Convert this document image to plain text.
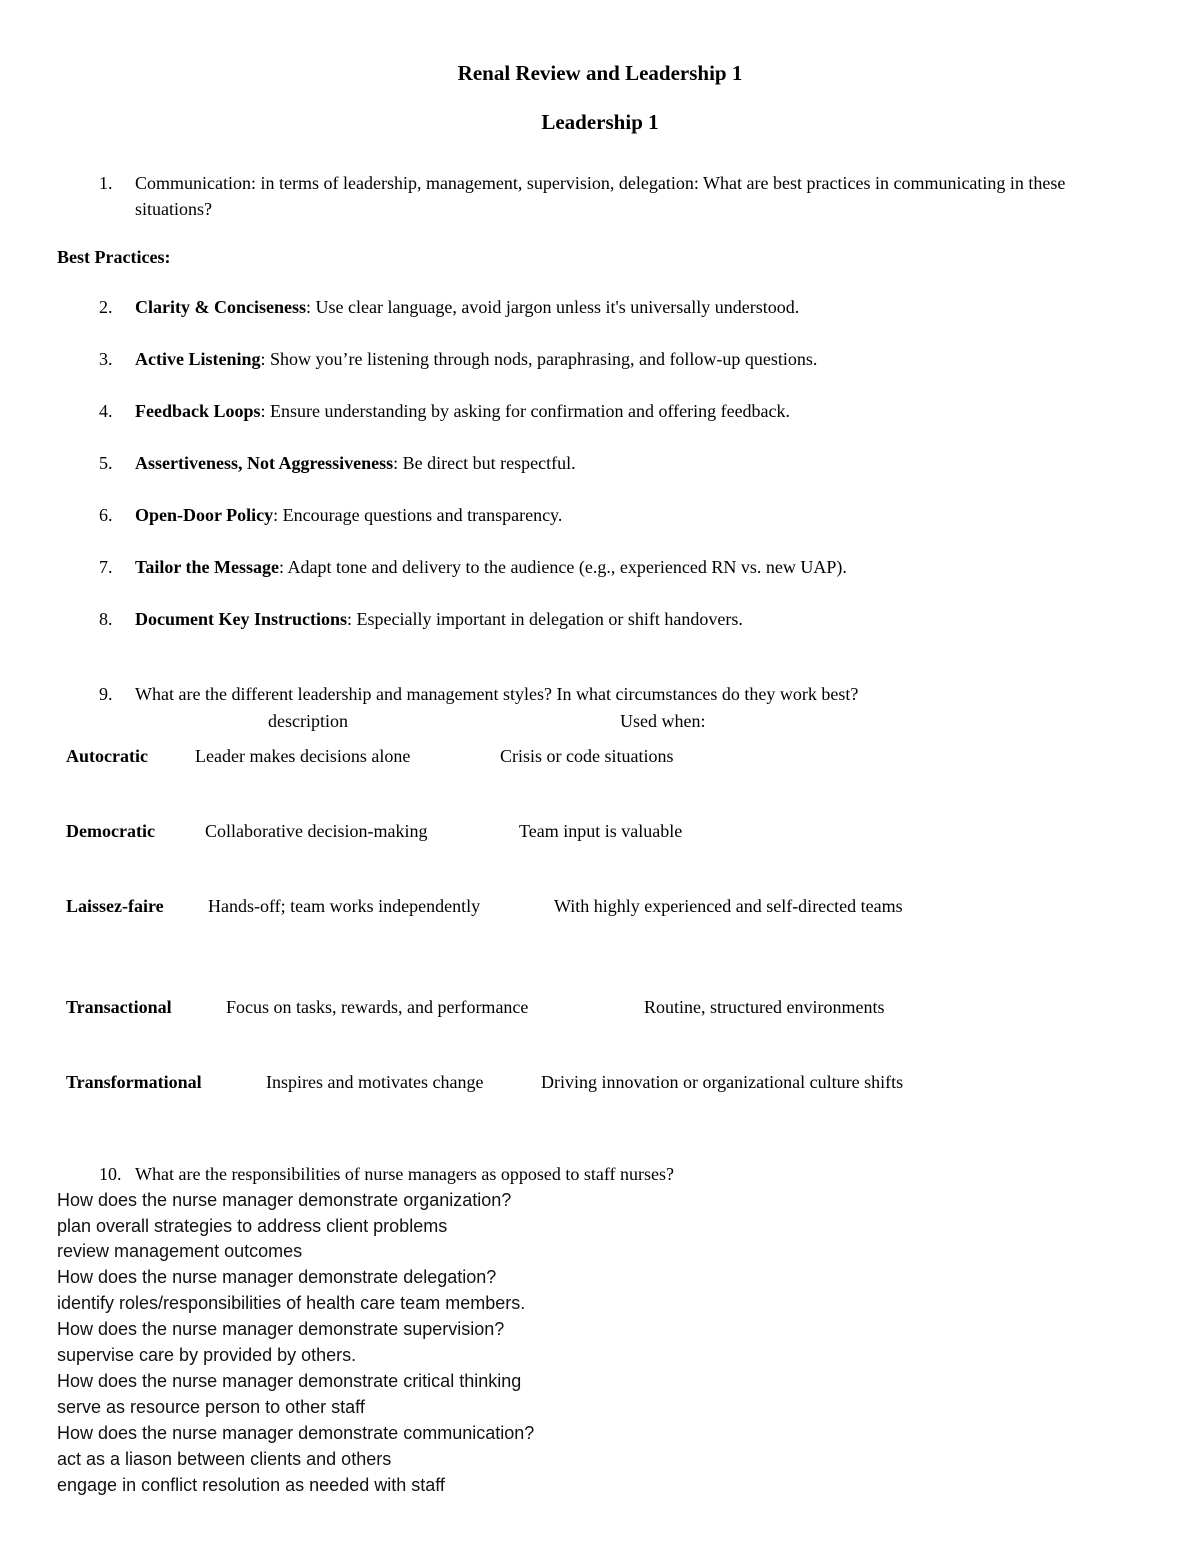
Renal Review and Leadership 1
Leadership 1
1. Communication: in terms of leadership, management, supervision, delegation: What are best practices in communicating in these situations?
Best Practices:
2. Clarity & Conciseness: Use clear language, avoid jargon unless it's universally understood.
3. Active Listening: Show you’re listening through nods, paraphrasing, and follow-up questions.
4. Feedback Loops: Ensure understanding by asking for confirmation and offering feedback.
5. Assertiveness, Not Aggressiveness: Be direct but respectful.
6. Open-Door Policy: Encourage questions and transparency.
7. Tailor the Message: Adapt tone and delivery to the audience (e.g., experienced RN vs. new UAP).
8. Document Key Instructions: Especially important in delegation or shift handovers.
9. What are the different leadership and management styles? In what circumstances do they work best?
description	Used when:
Autocratic	Leader makes decisions alone	Crisis or code situations
Democratic	Collaborative decision-making	Team input is valuable
Laissez-faire Hands-off; team works independently	With highly experienced and self-directed teams
Transactional	Focus on tasks, rewards, and performance	Routine, structured environments
Transformational	Inspires and motivates change	Driving innovation or organizational culture shifts
10. What are the responsibilities of nurse managers as opposed to staff nurses?
How does the nurse manager demonstrate organization?
plan overall strategies to address client problems
review management outcomes
How does the nurse manager demonstrate delegation?
identify roles/responsibilities of health care team members.
How does the nurse manager demonstrate supervision?
supervise care by provided by others.
How does the nurse manager demonstrate critical thinking
serve as resource person to other staff
How does the nurse manager demonstrate communication?
act as a liason between clients and others
engage in conflict resolution as needed with staff
